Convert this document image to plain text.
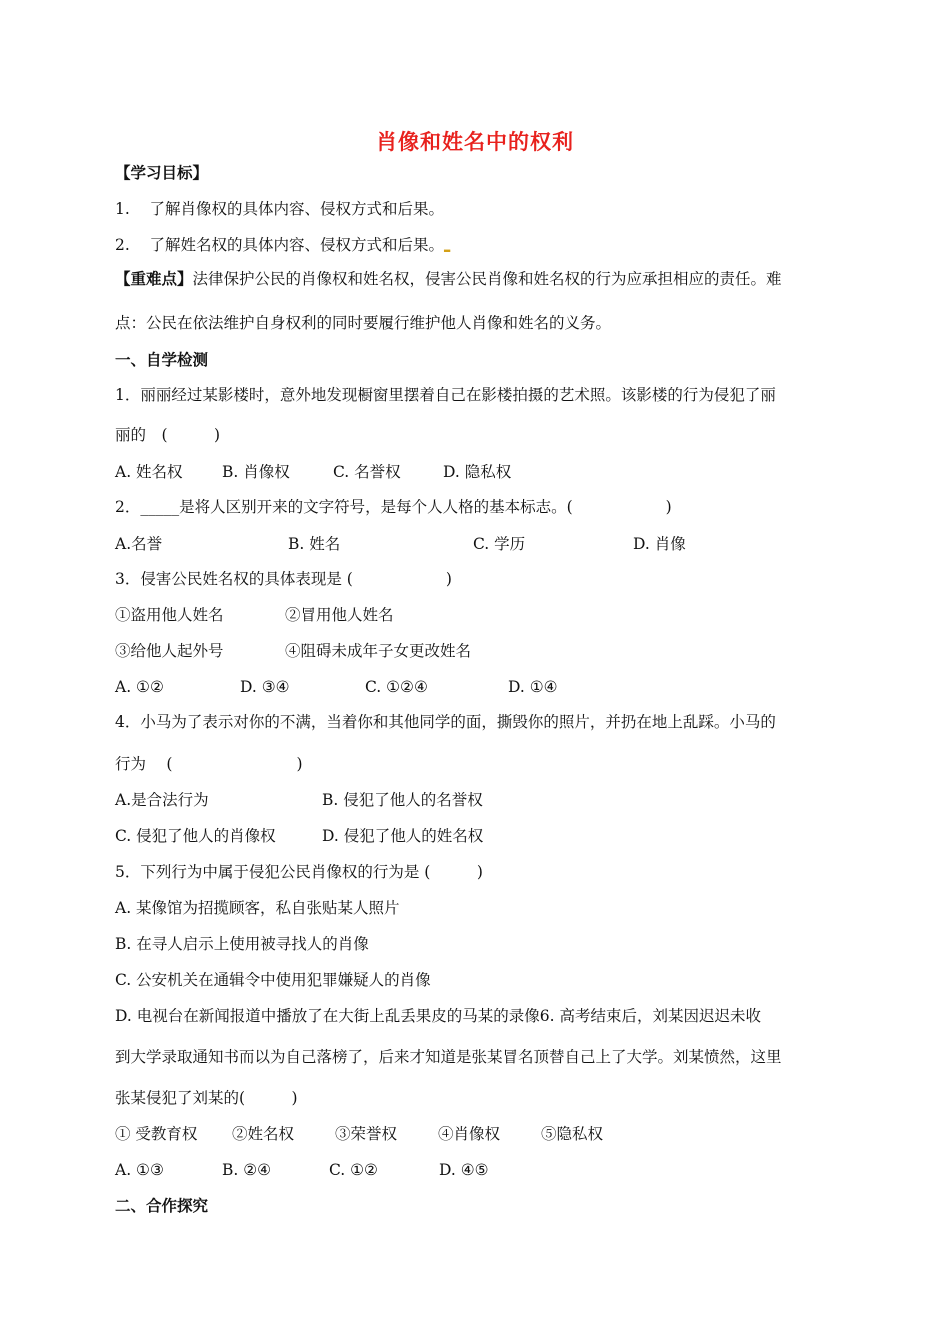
肖像和姓名中的权利
【学习目标】
1.    了解肖像权的具体内容、侵权方式和后果。
2.    了解姓名权的具体内容、侵权方式和后果。▂
【重难点】法律保护公民的肖像权和姓名权，侵害公民肖像和姓名权的行为应承担相应的责任。难
点：公民在依法维护自身权利的同时要履行维护他人肖像和姓名的义务。
一、自学检测
1．丽丽经过某影楼时，意外地发现橱窗里摆着自己在影楼拍摄的艺术照。该影楼的行为侵犯了丽
丽的　(　　　)
A. 姓名权	B. 肖像权	C. 名誉权	D. 隐私权
2．_____是将人区别开来的文字符号，是每个人人格的基本标志。(　　　　　　)
A.名誉	B. 姓名	C. 学历	D. 肖像
3．侵害公民姓名权的具体表现是 (　　　　　　)
①盗用他人姓名	②冒用他人姓名
③给他人起外号	④阻碍未成年子女更改姓名
A. ①②	D. ③④	C. ①②④	D. ①④
4．小马为了表示对你的不满，当着你和其他同学的面，撕毁你的照片，并扔在地上乱踩。小马的
行为　 (　　　　　　　　)
A.是合法行为	B. 侵犯了他人的名誉权
C. 侵犯了他人的肖像权	D. 侵犯了他人的姓名权
5．下列行为中属于侵犯公民肖像权的行为是 (　　　)
A. 某像馆为招揽顾客，私自张贴某人照片
B. 在寻人启示上使用被寻找人的肖像
C. 公安机关在通辑令中使用犯罪嫌疑人的肖像
D. 电视台在新闻报道中播放了在大街上乱丢果皮的马某的录像6. 高考结束后，刘某因迟迟未收
到大学录取通知书而以为自己落榜了，后来才知道是张某冒名顶替自己上了大学。刘某愤然，这里
张某侵犯了刘某的(　　　)
① 受教育权 ②姓名权	③荣誉权	④肖像权	⑤隐私权
A. ①③	B. ②④	C. ①②	D. ④⑤
二、合作探究
